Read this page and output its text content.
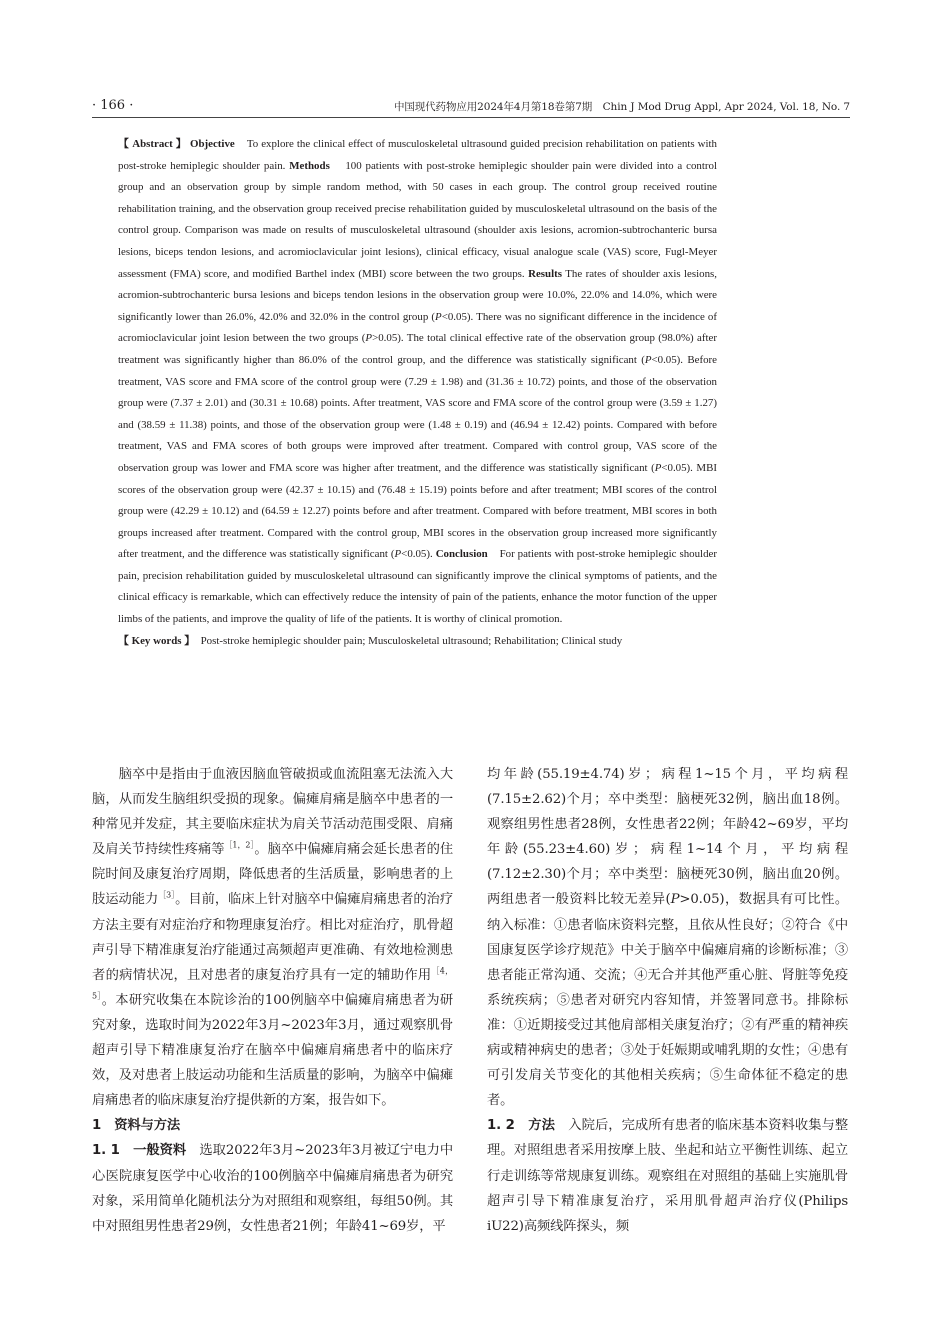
· 166 ·	中国现代药物应用2024年4月第18卷第7期　Chin J Mod Drug Appl, Apr 2024, Vol. 18, No. 7

【 Abstract 】 Objective To explore the clinical effect of musculoskeletal ultrasound guided precision rehabilitation on patients with post-stroke hemiplegic shoulder pain. Methods 100 patients with post-stroke hemiplegic shoulder pain were divided into a control group and an observation group by simple random method, with 50 cases in each group. The control group received routine rehabilitation training, and the observation group received precise rehabilitation guided by musculoskeletal ultrasound on the basis of the control group. Comparison was made on results of musculoskeletal ultrasound (shoulder axis lesions, acromion-subtrochanteric bursa lesions, biceps tendon lesions, and acromioclavicular joint lesions), clinical efficacy, visual analogue scale (VAS) score, Fugl-Meyer assessment (FMA) score, and modified Barthel index (MBI) score between the two groups. Results The rates of shoulder axis lesions, acromion-subtrochanteric bursa lesions and biceps tendon lesions in the observation group were 10.0%, 22.0% and 14.0%, which were significantly lower than 26.0%, 42.0% and 32.0% in the control group (P<0.05). There was no significant difference in the incidence of acromioclavicular joint lesion between the two groups (P>0.05). The total clinical effective rate of the observation group (98.0%) after treatment was significantly higher than 86.0% of the control group, and the difference was statistically significant (P<0.05). Before treatment, VAS score and FMA score of the control group were (7.29 ± 1.98) and (31.36 ± 10.72) points, and those of the observation group were (7.37 ± 2.01) and (30.31 ± 10.68) points. After treatment, VAS score and FMA score of the control group were (3.59 ± 1.27) and (38.59 ± 11.38) points, and those of the observation group were (1.48 ± 0.19) and (46.94 ± 12.42) points. Compared with before treatment, VAS and FMA scores of both groups were improved after treatment. Compared with control group, VAS score of the observation group was lower and FMA score was higher after treatment, and the difference was statistically significant (P<0.05). MBI scores of the observation group were (42.37 ± 10.15) and (76.48 ± 15.19) points before and after treatment; MBI scores of the control group were (42.29 ± 10.12) and (64.59 ± 12.27) points before and after treatment. Compared with before treatment, MBI scores in both groups increased after treatment. Compared with the control group, MBI scores in the observation group increased more significantly after treatment, and the difference was statistically significant (P<0.05). Conclusion For patients with post-stroke hemiplegic shoulder pain, precision rehabilitation guided by musculoskeletal ultrasound can significantly improve the clinical symptoms of patients, and the clinical efficacy is remarkable, which can effectively reduce the intensity of pain of the patients, enhance the motor function of the upper limbs of the patients, and improve the quality of life of the patients. It is worthy of clinical promotion.

【 Key words 】 Post-stroke hemiplegic shoulder pain; Musculoskeletal ultrasound; Rehabilitation; Clinical study

脑卒中是指由于血液因脑血管破损或血流阻塞无法流入大脑，从而发生脑组织受损的现象。偏瘫肩痛是脑卒中患者的一种常见并发症，其主要临床症状为肩关节活动范围受限、肩痛及肩关节持续性疼痛等$^{[1,2]}$。脑卒中偏瘫肩痛会延长患者的住院时间及康复治疗周期，降低患者的生活质量，影响患者的上肢运动能力$^{[3]}$。目前，临床上针对脑卒中偏瘫肩痛患者的治疗方法主要有对症治疗和物理康复治疗。相比对症治疗，肌骨超声引导下精准康复治疗能通过高频超声更准确、有效地检测患者的病情状况，且对患者的康复治疗具有一定的辅助作用$^{[4,5]}$。本研究收集在本院诊治的100例脑卒中偏瘫肩痛患者为研究对象，选取时间为2022年3月~2023年3月，通过观察肌骨超声引导下精准康复治疗在脑卒中偏瘫肩痛患者中的临床疗效，及对患者上肢运动功能和生活质量的影响，为脑卒中偏瘫肩痛患者的临床康复治疗提供新的方案，报告如下。

1　资料与方法

1. 1　一般资料　 选取2022年3月~2023年3月被辽宁电力中心医院康复医学中心收治的100例脑卒中偏瘫肩痛患者为研究对象，采用简单化随机法分为对照组和观察组，每组50例。其中对照组男性患者29例，女性患者21例；年龄41~69岁，平

均年龄(55.19±4.74)岁；病程1~15个月，平均病程(7.15±2.62)个月；卒中类型：脑梗死32例，脑出血18例。观察组男性患者28例，女性患者22例；年龄42~69岁，平均年龄(55.23±4.60)岁；病程1~14个月，平均病程(7.12±2.30)个月；卒中类型：脑梗死30例，脑出血20例。两组患者一般资料比较无差异(P>0.05)，数据具有可比性。纳入标准：①患者临床资料完整，且依从性良好；②符合《中国康复医学诊疗规范》中关于脑卒中偏瘫肩痛的诊断标准；③患者能正常沟通、交流；④无合并其他严重心脏、肾脏等免疫系统疾病；⑤患者对研究内容知情，并签署同意书。排除标准：①近期接受过其他肩部相关康复治疗；②有严重的精神疾病或精神病史的患者；③处于妊娠期或哺乳期的女性；④患有可引发肩关节变化的其他相关疾病；⑤生命体征不稳定的患者。

1. 2　方法　 入院后，完成所有患者的临床基本资料收集与整理。对照组患者采用按摩上肢、坐起和站立平衡性训练、起立行走训练等常规康复训练。观察组在对照组的基础上实施肌骨超声引导下精准康复治疗，采用肌骨超声治疗仪(Philips iU22)高频线阵探头，频
